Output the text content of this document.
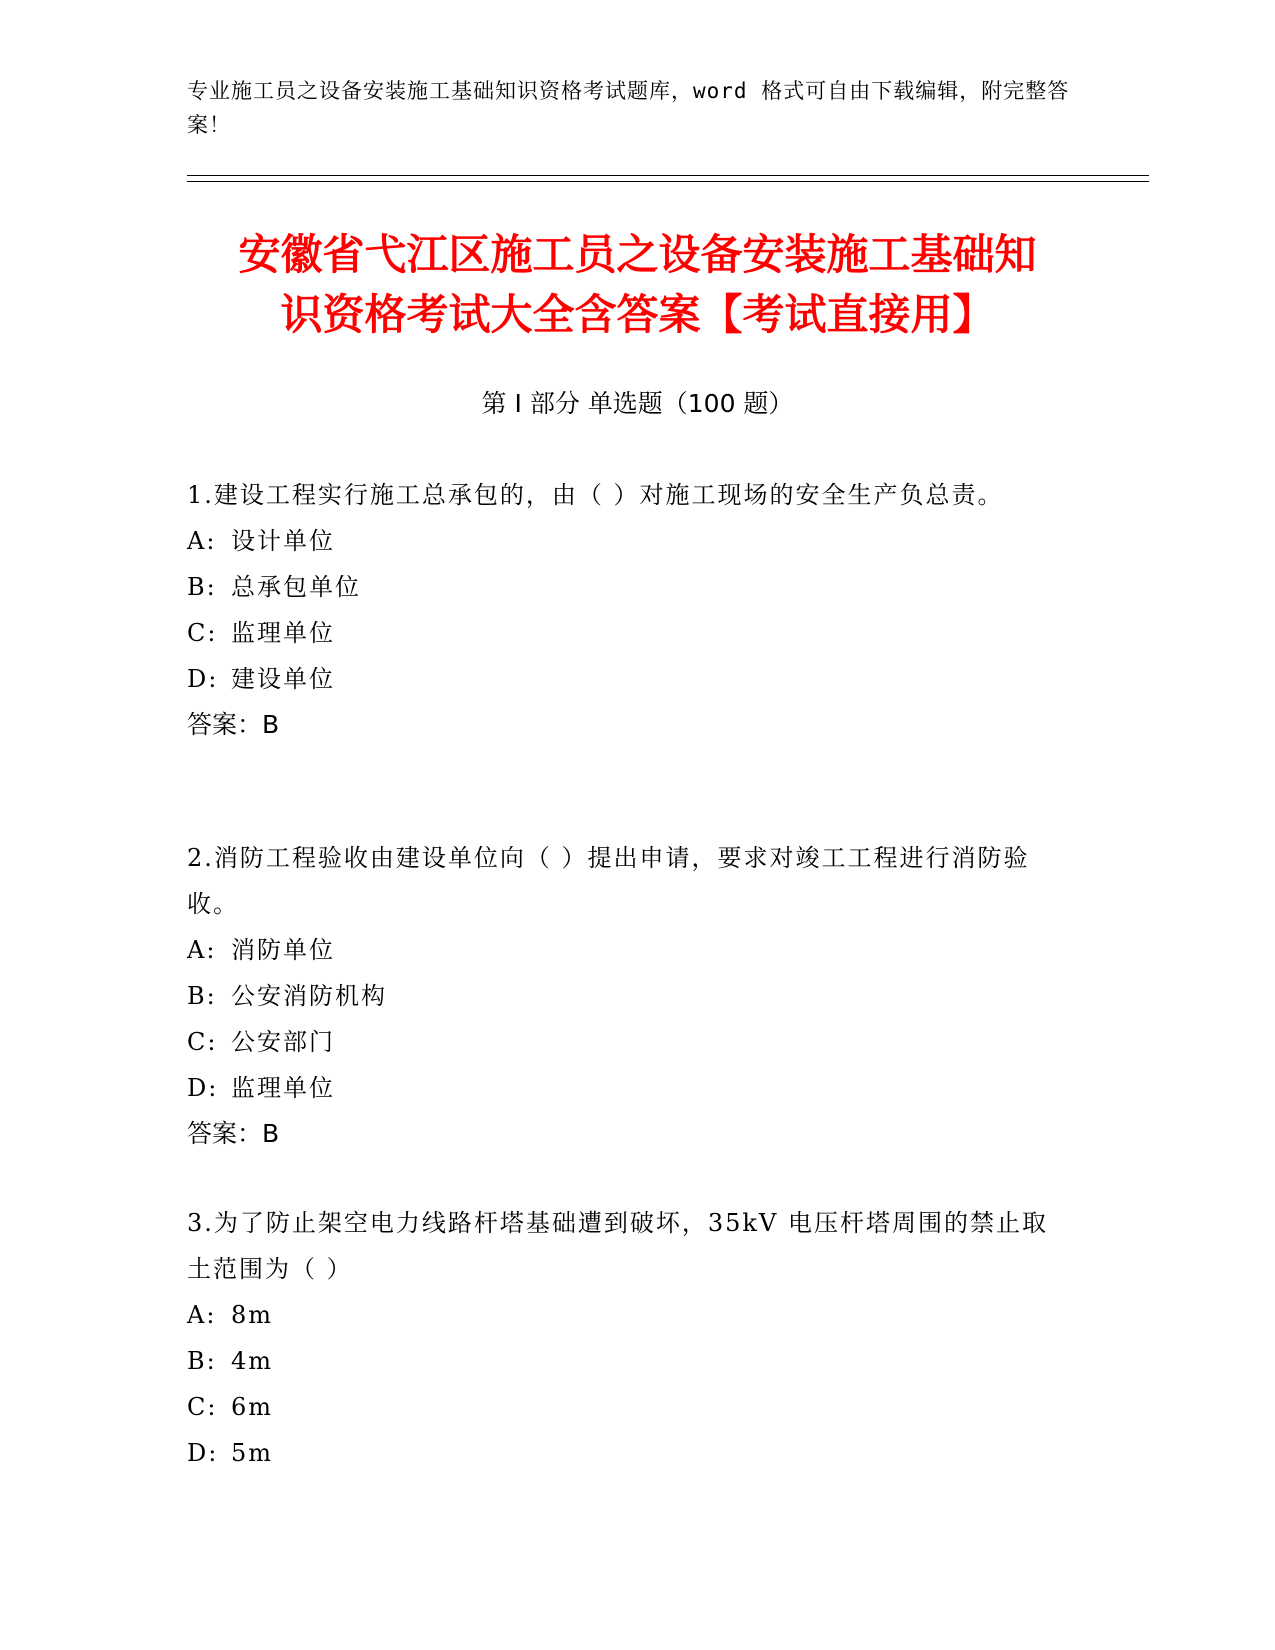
专业施工员之设备安装施工基础知识资格考试题库，word 格式可自由下载编辑，附完整答案！
安徽省弋江区施工员之设备安装施工基础知
识资格考试大全含答案【考试直接用】
第 I 部分 单选题（100 题）
1.建设工程实行施工总承包的，由（ ）对施工现场的安全生产负总责。
A: 设计单位
B: 总承包单位
C: 监理单位
D: 建设单位
答案：B
2.消防工程验收由建设单位向（ ）提出申请，要求对竣工工程进行消防验收。
A: 消防单位
B: 公安消防机构
C: 公安部门
D: 监理单位
答案：B
3.为了防止架空电力线路杆塔基础遭到破坏，35kV 电压杆塔周围的禁止取土范围为（ ）
A: 8m
B: 4m
C: 6m
D: 5m
